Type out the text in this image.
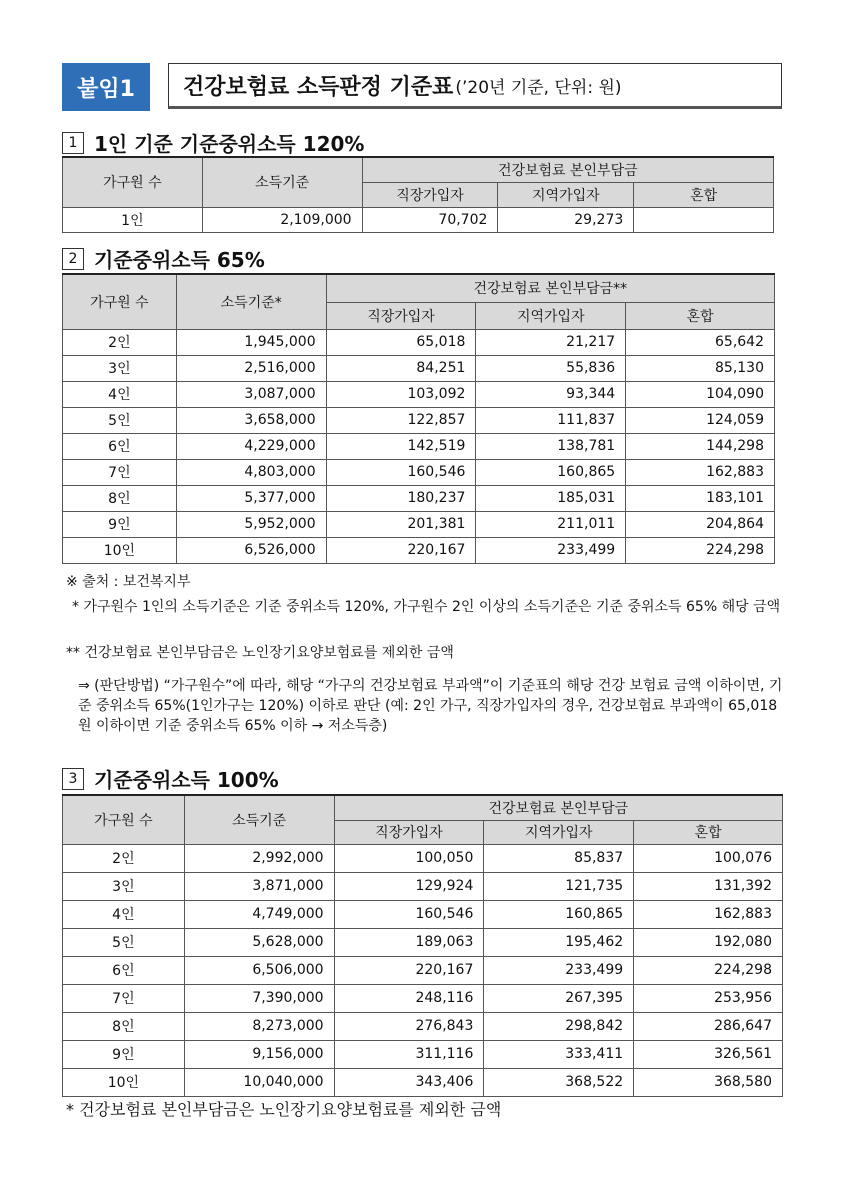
붙임1	건강보험료 소득판정 기준표 (’20년 기준, 단위: 원)
1 1인 기준 기준중위소득 120%
가구원 수	소득기준	건강보험료 본인부담금		
		직장가입자	지역가입자	혼합
1인	2,109,000	70,702	29,273	
2 기준중위소득 65%
가구원 수	소득기준*	건강보험료 본인부담금**		
		직장가입자	지역가입자	혼합
2인	1,945,000	65,018	21,217	65,642
3인	2,516,000	84,251	55,836	85,130
4인	3,087,000	103,092	93,344	104,090
5인	3,658,000	122,857	111,837	124,059
6인	4,229,000	142,519	138,781	144,298
7인	4,803,000	160,546	160,865	162,883
8인	5,377,000	180,237	185,031	183,101
9인	5,952,000	201,381	211,011	204,864
10인	6,526,000	220,167	233,499	224,298
※ 출처 : 보건복지부
* 가구원수 1인의 소득기준은 기준 중위소득 120%, 가구원수 2인 이상의 소득기준은 기준 중위소득 65% 해당 금액
** 건강보험료 본인부담금은 노인장기요양보험료를 제외한 금액
⇒ (판단방법) “가구원수”에 따라, 해당 “가구의 건강보험료 부과액”이 기준표의 해당 건강 보험료 금액 이하이면, 기준 중위소득 65%(1인가구는 120%) 이하로 판단 (예: 2인 가구, 직장가입자의 경우, 건강보험료 부과액이 65,018원 이하이면 기준 중위소득 65% 이하 → 저소득층)
3 기준중위소득 100%
가구원 수	소득기준	건강보험료 본인부담금		
		직장가입자	지역가입자	혼합
2인	2,992,000	100,050	85,837	100,076
3인	3,871,000	129,924	121,735	131,392
4인	4,749,000	160,546	160,865	162,883
5인	5,628,000	189,063	195,462	192,080
6인	6,506,000	220,167	233,499	224,298
7인	7,390,000	248,116	267,395	253,956
8인	8,273,000	276,843	298,842	286,647
9인	9,156,000	311,116	333,411	326,561
10인	10,040,000	343,406	368,522	368,580
* 건강보험료 본인부담금은 노인장기요양보험료를 제외한 금액
